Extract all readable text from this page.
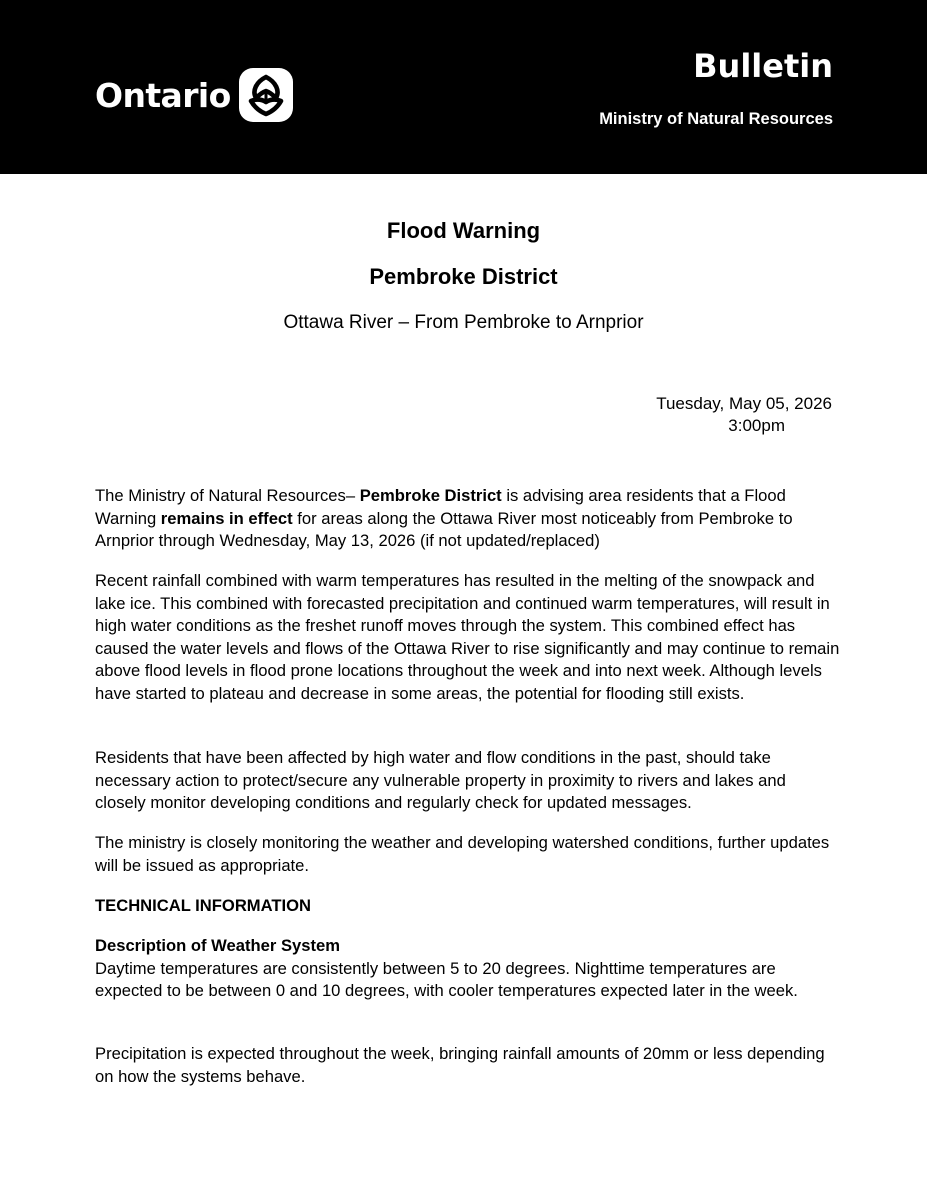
Ontario
Bulletin
Ministry of Natural Resources
Flood Warning
Pembroke District
Ottawa River – From Pembroke to Arnprior
Tuesday, May 05, 2026

3:00pm

The Ministry of Natural Resources– Pembroke District is advising area residents that a Flood Warning remains in effect for areas along the Ottawa River most noticeably from Pembroke to Arnprior through Wednesday, May 13, 2026 (if not updated/replaced)

Recent rainfall combined with warm temperatures has resulted in the melting of the snowpack and lake ice. This combined with forecasted precipitation and continued warm temperatures, will result in high water conditions as the freshet runoff moves through the system. This combined effect has caused the water levels and flows of the Ottawa River to rise significantly and may continue to remain above flood levels in flood prone locations throughout the week and into next week. Although levels have started to plateau and decrease in some areas, the potential for flooding still exists.

Residents that have been affected by high water and flow conditions in the past, should take necessary action to protect/secure any vulnerable property in proximity to rivers and lakes and closely monitor developing conditions and regularly check for updated messages.

The ministry is closely monitoring the weather and developing watershed conditions, further updates will be issued as appropriate.

TECHNICAL INFORMATION

Description of Weather System
Daytime temperatures are consistently between 5 to 20 degrees. Nighttime temperatures are expected to be between 0 and 10 degrees, with cooler temperatures expected later in the week.

Precipitation is expected throughout the week, bringing rainfall amounts of 20mm or less depending on how the systems behave.
